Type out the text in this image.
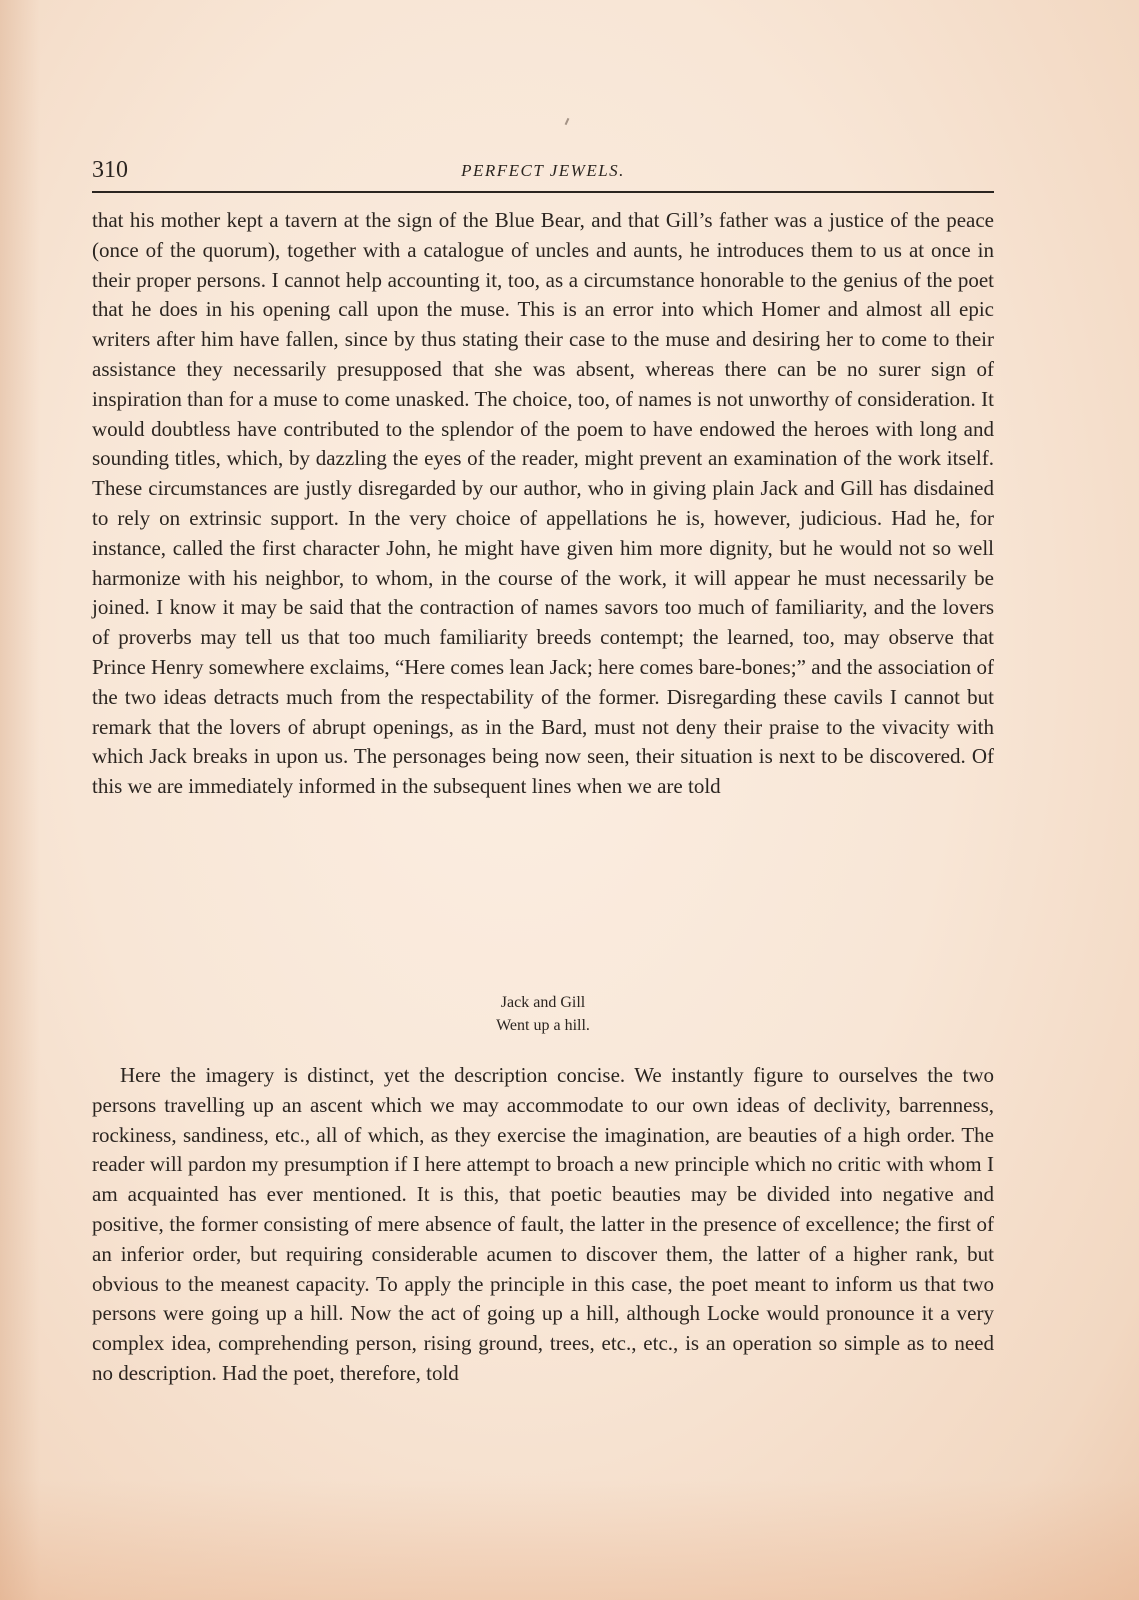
310	PERFECT JEWELS.
that his mother kept a tavern at the sign of the Blue Bear, and that Gill’s father was a justice of the peace (once of the quorum), together with a catalogue of uncles and aunts, he introduces them to us at once in their proper persons. I cannot help accounting it, too, as a circumstance honorable to the genius of the poet that he does in his opening call upon the muse. This is an error into which Homer and almost all epic writers after him have fallen, since by thus stating their case to the muse and desiring her to come to their assistance they necessarily presupposed that she was absent, whereas there can be no surer sign of inspiration than for a muse to come unasked. The choice, too, of names is not unworthy of consideration. It would doubtless have contributed to the splendor of the poem to have endowed the heroes with long and sounding titles, which, by dazzling the eyes of the reader, might prevent an examination of the work itself. These circumstances are justly disregarded by our author, who in giving plain Jack and Gill has disdained to rely on extrinsic support. In the very choice of appellations he is, however, judicious. Had he, for instance, called the first character John, he might have given him more dignity, but he would not so well harmonize with his neighbor, to whom, in the course of the work, it will appear he must necessarily be joined. I know it may be said that the contraction of names savors too much of familiarity, and the lovers of proverbs may tell us that too much familiarity breeds contempt; the learned, too, may observe that Prince Henry somewhere exclaims, “Here comes lean Jack; here comes bare-bones;” and the association of the two ideas detracts much from the respectability of the former. Disregarding these cavils I cannot but remark that the lovers of abrupt openings, as in the Bard, must not deny their praise to the vivacity with which Jack breaks in upon us. The personages being now seen, their situation is next to be discovered. Of this we are immediately informed in the subsequent lines when we are told
Jack and Gill
Went up a hill.
Here the imagery is distinct, yet the description concise. We instantly figure to ourselves the two persons travelling up an ascent which we may accommodate to our own ideas of declivity, barrenness, rockiness, sandiness, etc., all of which, as they exercise the imagination, are beauties of a high order. The reader will pardon my presumption if I here attempt to broach a new principle which no critic with whom I am acquainted has ever mentioned. It is this, that poetic beauties may be divided into negative and positive, the former consisting of mere absence of fault, the latter in the presence of excellence; the first of an inferior order, but requiring considerable acumen to discover them, the latter of a higher rank, but obvious to the meanest capacity. To apply the principle in this case, the poet meant to inform us that two persons were going up a hill. Now the act of going up a hill, although Locke would pronounce it a very complex idea, comprehending person, rising ground, trees, etc., etc., is an operation so simple as to need no description. Had the poet, therefore, told
